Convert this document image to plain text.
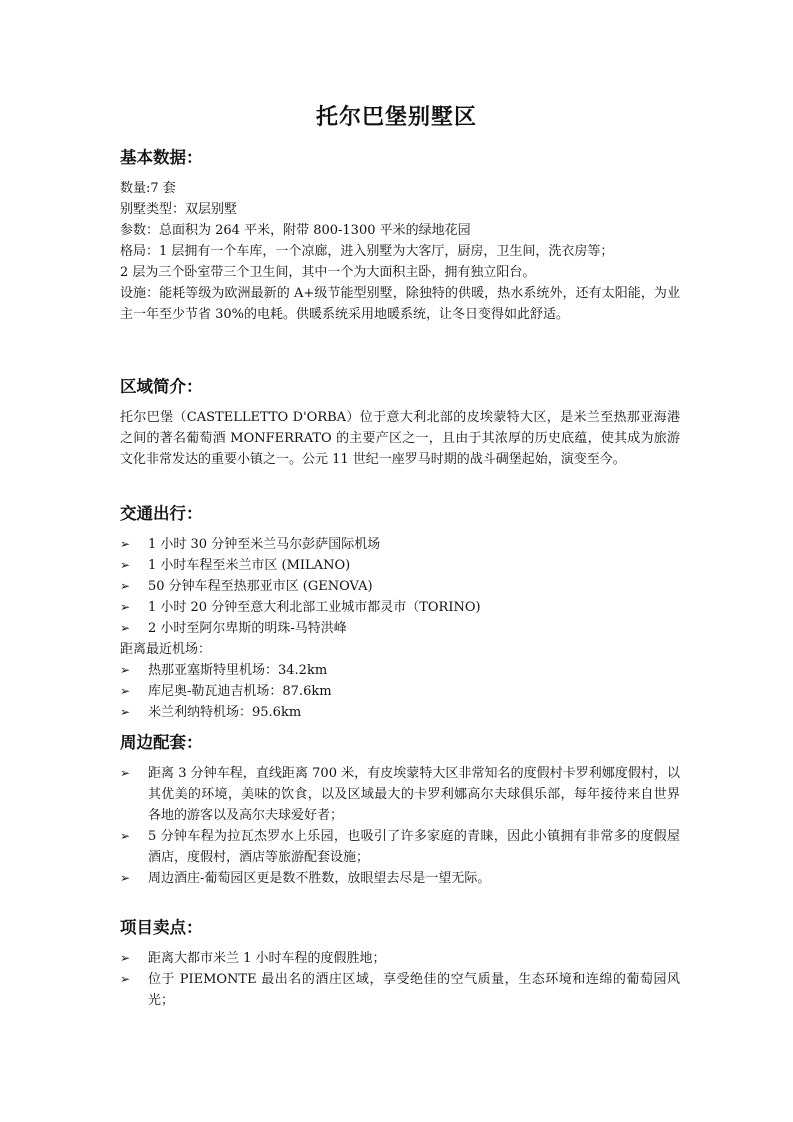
托尔巴堡别墅区
基本数据：

数量:7 套

别墅类型：双层别墅

参数：总面积为 264 平米，附带 800-1300 平米的绿地花园

格局：1 层拥有一个车库，一个凉廊，进入别墅为大客厅，厨房，卫生间，洗衣房等；

2 层为三个卧室带三个卫生间，其中一个为大面积主卧，拥有独立阳台。

设施：能耗等级为欧洲最新的 A+级节能型别墅，除独特的供暖，热水系统外，还有太阳能，为业主一年至少节省 30%的电耗。供暖系统采用地暖系统，让冬日变得如此舒适。

区域简介：

托尔巴堡（CASTELLETTO D'ORBA）位于意大利北部的皮埃蒙特大区，是米兰至热那亚海港之间的著名葡萄酒 MONFERRATO 的主要产区之一，且由于其浓厚的历史底蕴，使其成为旅游文化非常发达的重要小镇之一。公元 11 世纪一座罗马时期的战斗碉堡起始，演变至今。

交通出行：
➢ 1 小时 30 分钟至米兰马尔彭萨国际机场
➢ 1 小时车程至米兰市区 (MILANO)
➢ 50 分钟车程至热那亚市区 (GENOVA)
➢ 1 小时 20 分钟至意大利北部工业城市都灵市（TORINO)
➢ 2 小时至阿尔卑斯的明珠-马特洪峰

距离最近机场：

➢ 热那亚塞斯特里机场：34.2km
➢ 库尼奥-勒瓦迪吉机场：87.6km
➢ 米兰利纳特机场：95.6km
周边配套：
➢ 距离 3 分钟车程，直线距离 700 米，有皮埃蒙特大区非常知名的度假村卡罗利娜度假村，以其优美的环境，美味的饮食，以及区域最大的卡罗利娜高尔夫球俱乐部，每年接待来自世界各地的游客以及高尔夫球爱好者；
➢ 5 分钟车程为拉瓦杰罗水上乐园，也吸引了许多家庭的青睐，因此小镇拥有非常多的度假屋酒店，度假村，酒店等旅游配套设施；
➢ 周边酒庄-葡萄园区更是数不胜数，放眼望去尽是一望无际。
项目卖点：
➢ 距离大都市米兰 1 小时车程的度假胜地；
➢ 位于 PIEMONTE 最出名的酒庄区域，享受绝佳的空气质量，生态环境和连绵的葡萄园风光；
